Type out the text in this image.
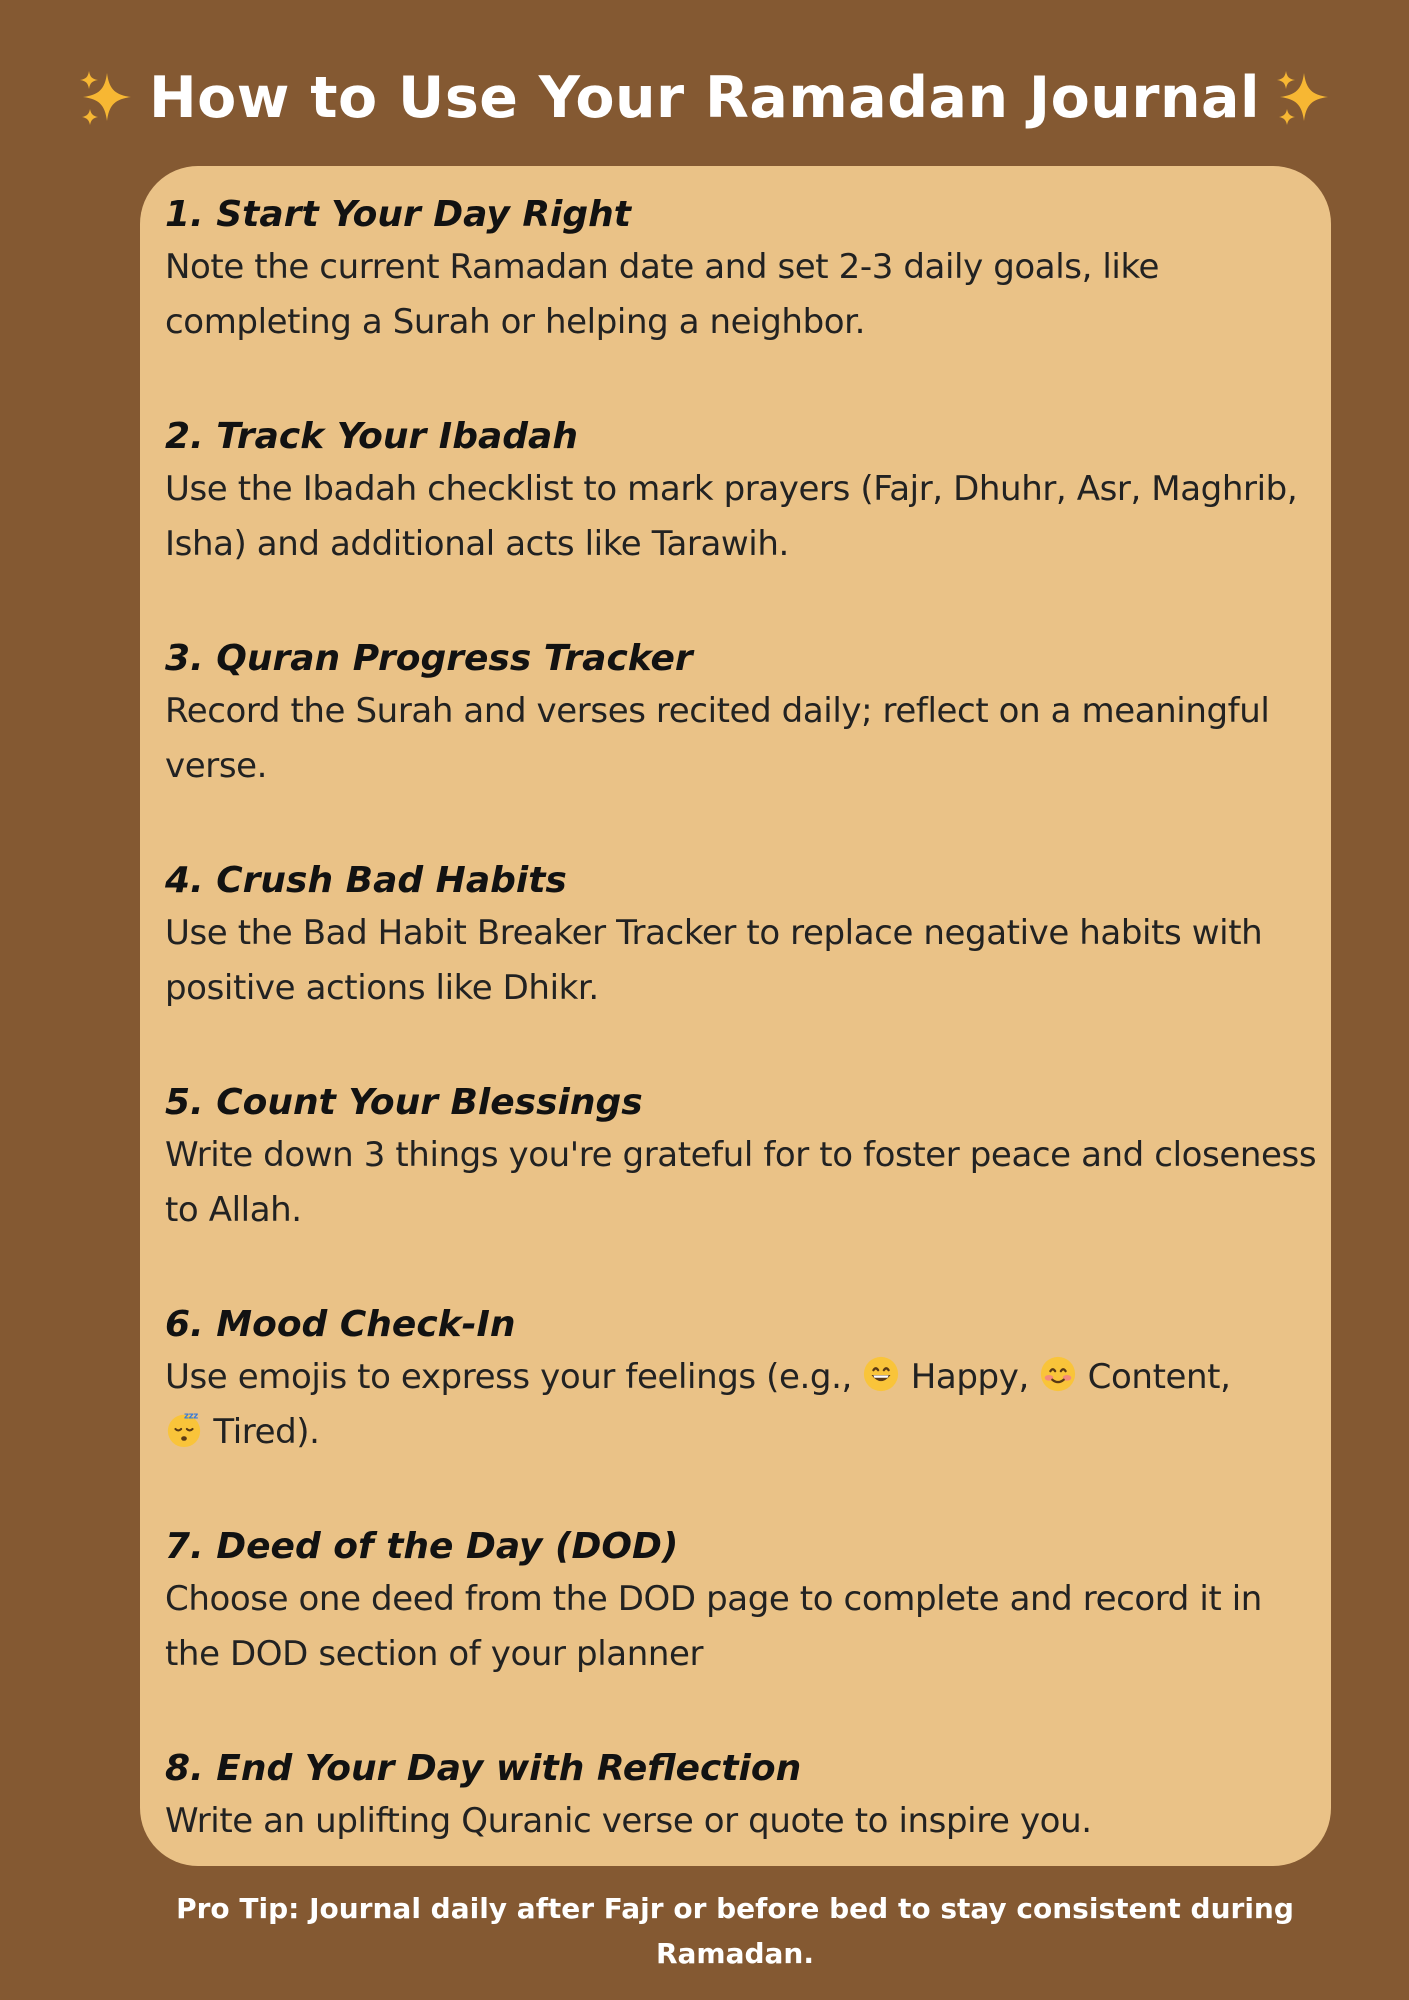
How to Use Your Ramadan Journal
1. Start Your Day Right

Note the current Ramadan date and set 2-3 daily goals, like completing a Surah or helping a neighbor.

2. Track Your Ibadah

Use the Ibadah checklist to mark prayers (Fajr, Dhuhr, Asr, Maghrib, Isha) and additional acts like Tarawih.

3. Quran Progress Tracker

Record the Surah and verses recited daily; reflect on a meaningful verse.

4. Crush Bad Habits

Use the Bad Habit Breaker Tracker to replace negative habits with positive actions like Dhikr.

5. Count Your Blessings

Write down 3 things you're grateful for to foster peace and closeness to Allah.

6. Mood Check-In

Use emojis to express your feelings (e.g.,  Happy,  Content,

zzz Tired).

7. Deed of the Day (DOD)

Choose one deed from the DOD page to complete and record it in the DOD section of your planner

8. End Your Day with Reflection

Write an uplifting Quranic verse or quote to inspire you.

Pro Tip: Journal daily after Fajr or before bed to stay consistent during Ramadan.
